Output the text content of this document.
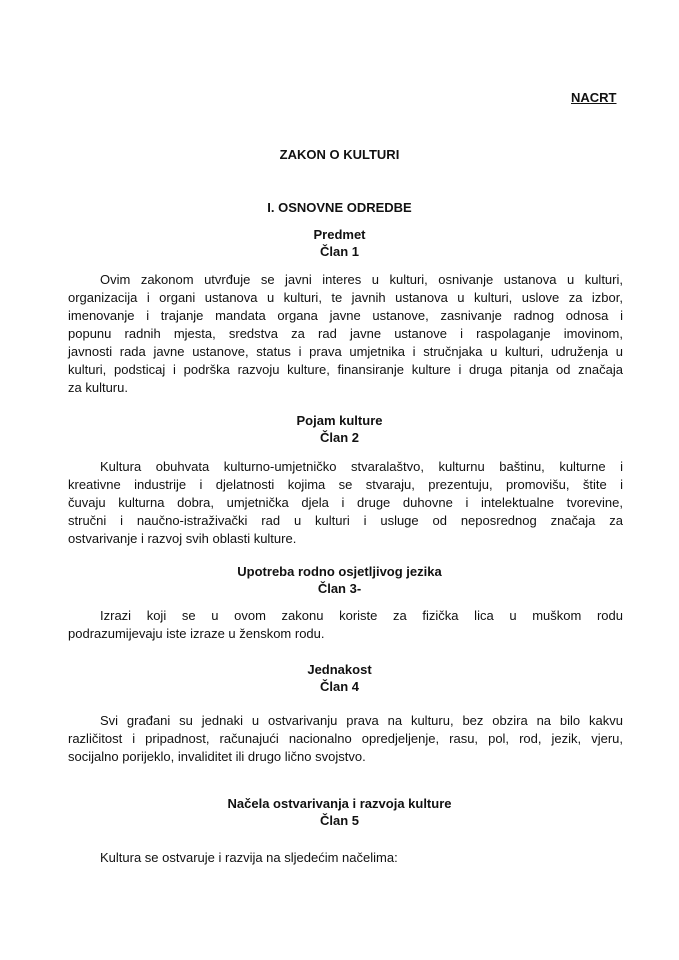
NACRT
ZAKON O KULTURI
I. OSNOVNE ODREDBE
Predmet
Član 1
Ovim zakonom utvrđuje se javni interes u kulturi, osnivanje ustanova u kulturi,
organizacija i organi ustanova u kulturi, te javnih ustanova u kulturi, uslove za izbor,
imenovanje i trajanje mandata organa javne ustanove, zasnivanje radnog odnosa i
popunu radnih mjesta, sredstva za rad javne ustanove i raspolaganje imovinom,
javnosti rada javne ustanove, status i prava umjetnika i stručnjaka u kulturi, udruženja u
kulturi, podsticaj i podrška razvoju kulture, finansiranje kulture i druga pitanja od značaja
za kulturu.
Pojam kulture
Član 2
Kultura obuhvata kulturno-umjetničko stvaralaštvo, kulturnu baštinu, kulturne i
kreativne industrije i djelatnosti kojima se stvaraju, prezentuju, promovišu, štite i
čuvaju kulturna dobra, umjetnička djela i druge duhovne i intelektualne tvorevine,
stručni i naučno-istraživački rad u kulturi i usluge od neposrednog značaja za
ostvarivanje i razvoj svih oblasti kulture.
Upotreba rodno osjetljivog jezika
Član 3-
Izrazi koji se u ovom zakonu koriste za fizička lica u muškom rodu
podrazumijevaju iste izraze u ženskom rodu.
Jednakost
Član 4
Svi građani su jednaki u ostvarivanju prava na kulturu, bez obzira na bilo kakvu
različitost i pripadnost, računajući nacionalno opredjeljenje, rasu, pol, rod, jezik, vjeru,
socijalno porijeklo, invaliditet ili drugo lično svojstvo.
Načela ostvarivanja i razvoja kulture
Član 5
Kultura se ostvaruje i razvija na sljedećim načelima:
